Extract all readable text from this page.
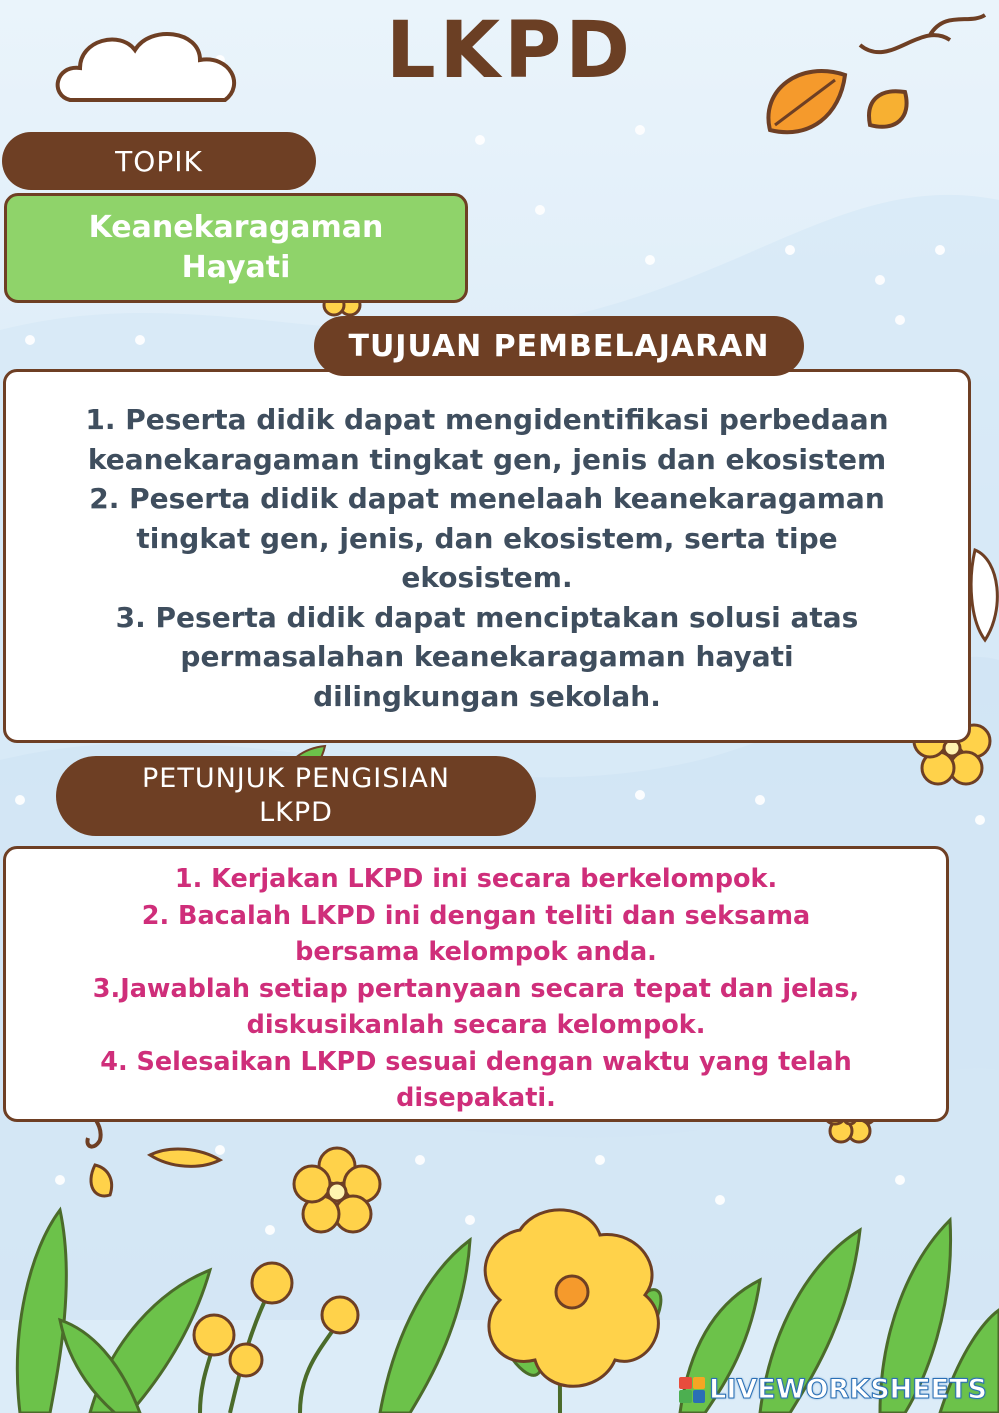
LKPD
TOPIK
Keanekaragaman
Hayati
1. Peserta didik dapat mengidentifikasi perbedaan
keanekaragaman tingkat gen, jenis dan ekosistem
2. Peserta didik dapat menelaah keanekaragaman
tingkat gen, jenis, dan ekosistem, serta tipe
ekosistem.
3. Peserta didik dapat menciptakan solusi atas
permasalahan keanekaragaman hayati
dilingkungan sekolah.
TUJUAN PEMBELAJARAN
PETUNJUK PENGISIAN
LKPD
1. Kerjakan LKPD ini secara berkelompok.
2. Bacalah LKPD ini dengan teliti dan seksama
bersama kelompok anda.
3.Jawablah setiap pertanyaan secara tepat dan jelas,
diskusikanlah secara kelompok.
4. Selesaikan LKPD sesuai dengan waktu yang telah
disepakati.
LIVEWORKSHEETS
